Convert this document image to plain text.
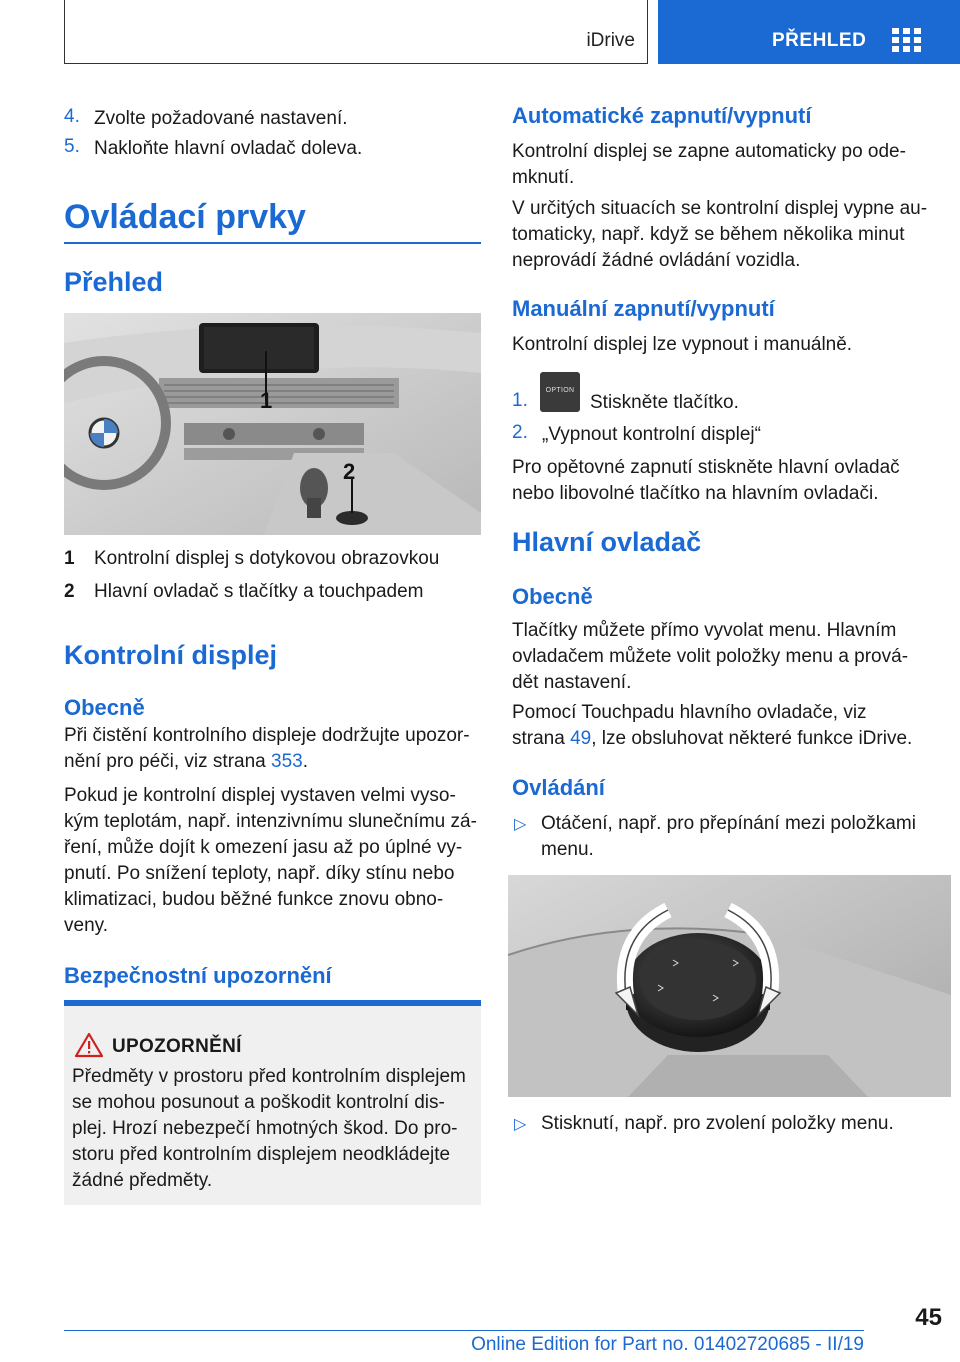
iDrive	PŘEHLED
4. Zvolte požadované nastavení.
5. Nakloňte hlavní ovladač doleva.
Ovládací prvky
Přehled
1
2
1 Kontrolní displej s dotykovou obrazovkou
2 Hlavní ovladač s tlačítky a touchpadem
Kontrolní displej
Obecně
Při čistění kontrolního displeje dodržujte upozor-
nění pro péči, viz strana 353.
Pokud je kontrolní displej vystaven velmi vyso-
kým teplotám, např. intenzivnímu slunečnímu zá-
ření, může dojít k omezení jasu až po úplné vy-
pnutí. Po snížení teploty, např. díky stínu nebo
klimatizaci, budou běžné funkce znovu obno-
veny.
Bezpečnostní upozornění
UPOZORNĚNÍ
Předměty v prostoru před kontrolním displejem
se mohou posunout a poškodit kontrolní dis-
plej. Hrozí nebezpečí hmotných škod. Do pro-
storu před kontrolním displejem neodkládejte
žádné předměty.
Automatické zapnutí/vypnutí
Kontrolní displej se zapne automaticky po ode-
mknutí.
V určitých situacích se kontrolní displej vypne au-
tomaticky, např. když se během několika minut
neprovádí žádné ovládání vozidla.
Manuální zapnutí/vypnutí
Kontrolní displej lze vypnout i manuálně.
1.	OPTION
Stiskněte tlačítko.
2. „Vypnout kontrolní displej“
Pro opětovné zapnutí stiskněte hlavní ovladač
nebo libovolné tlačítko na hlavním ovladači.
Hlavní ovladač
Obecně
Tlačítky můžete přímo vyvolat menu. Hlavním
ovladačem můžete volit položky menu a prová-
dět nastavení.
Pomocí Touchpadu hlavního ovladače, viz
strana 49, lze obsluhovat některé funkce iDrive.
Ovládání
▷ Otáčení, např. pro přepínání mezi položkami
menu.
▷ Stisknutí, např. pro zvolení položky menu.
45
Online Edition for Part no. 01402720685 - II/19
